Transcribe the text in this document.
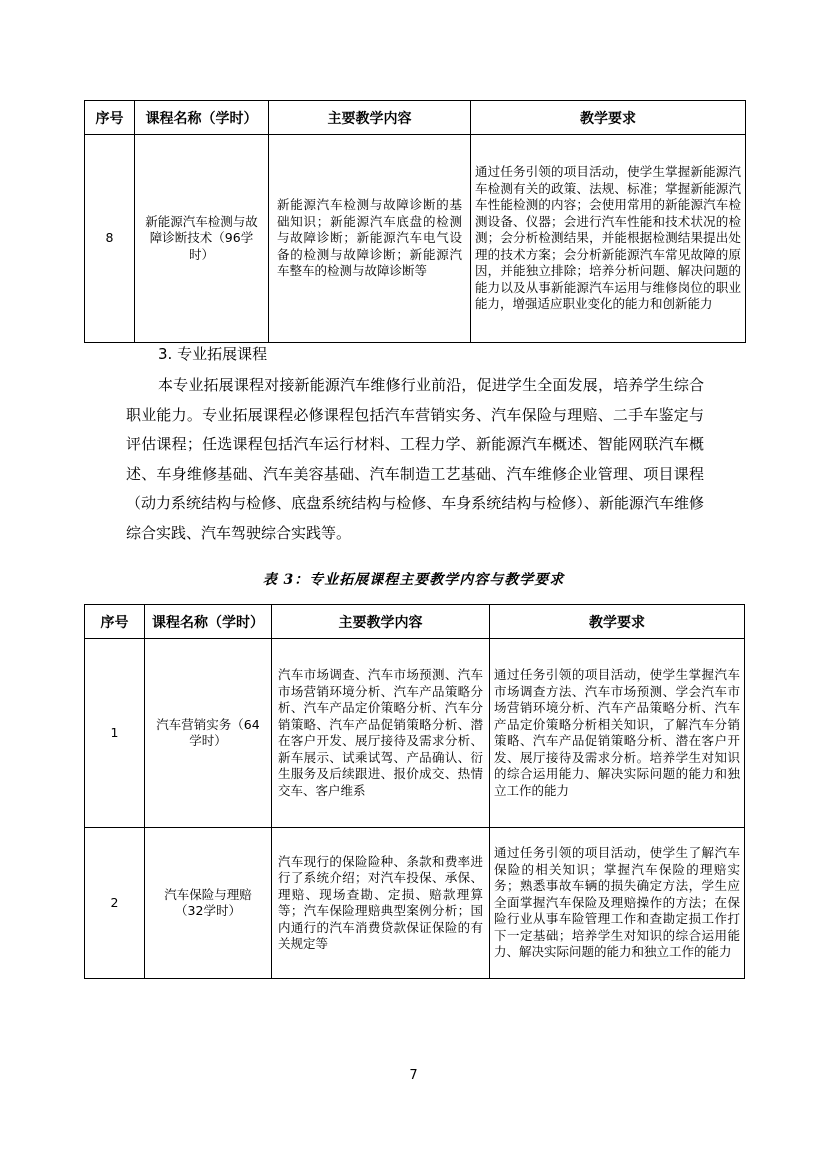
序号	课程名称（学时）	主要教学内容	教学要求
8	新能源汽车检测与故障诊断技术（96学时）	新能源汽车检测与故障诊断的基础知识；新能源汽车底盘的检测与故障诊断；新能源汽车电气设备的检测与故障诊断；新能源汽车整车的检测与故障诊断等	通过任务引领的项目活动，使学生掌握新能源汽车检测有关的政策、法规、标准；掌握新能源汽车性能检测的内容；会使用常用的新能源汽车检测设备、仪器；会进行汽车性能和技术状况的检测；会分析检测结果，并能根据检测结果提出处理的技术方案；会分析新能源汽车常见故障的原因，并能独立排除；培养分析问题、解决问题的能力以及从事新能源汽车运用与维修岗位的职业能力，增强适应职业变化的能力和创新能力
3. 专业拓展课程
本专业拓展课程对接新能源汽车维修行业前沿，促进学生全面发展，培养学生综合职业能力。专业拓展课程必修课程包括汽车营销实务、汽车保险与理赔、二手车鉴定与评估课程；任选课程包括汽车运行材料、工程力学、新能源汽车概述、智能网联汽车概述、车身维修基础、汽车美容基础、汽车制造工艺基础、汽车维修企业管理、项目课程（动力系统结构与检修、底盘系统结构与检修、车身系统结构与检修）、新能源汽车维修综合实践、汽车驾驶综合实践等。
表 3：专业拓展课程主要教学内容与教学要求
序号	课程名称（学时）	主要教学内容	教学要求
1	汽车营销实务（64学时）	汽车市场调查、汽车市场预测、汽车市场营销环境分析、汽车产品策略分析、汽车产品定价策略分析、汽车分销策略、汽车产品促销策略分析、潜在客户开发、展厅接待及需求分析、新车展示、试乘试驾、产品确认、衍生服务及后续跟进、报价成交、热情交车、客户维系	通过任务引领的项目活动，使学生掌握汽车市场调查方法、汽车市场预测、学会汽车市场营销环境分析、汽车产品策略分析、汽车产品定价策略分析相关知识，了解汽车分销策略、汽车产品促销策略分析、潜在客户开发、展厅接待及需求分析。培养学生对知识的综合运用能力、解决实际问题的能力和独立工作的能力
2	汽车保险与理赔（32学时）	汽车现行的保险险种、条款和费率进行了系统介绍；对汽车投保、承保、理赔、现场查勘、定损、赔款理算等；汽车保险理赔典型案例分析；国内通行的汽车消费贷款保证保险的有关规定等	通过任务引领的项目活动，使学生了解汽车保险的相关知识；掌握汽车保险的理赔实务；熟悉事故车辆的损失确定方法，学生应全面掌握汽车保险及理赔操作的方法；在保险行业从事车险管理工作和查勘定损工作打下一定基础；培养学生对知识的综合运用能力、解决实际问题的能力和独立工作的能力
7
